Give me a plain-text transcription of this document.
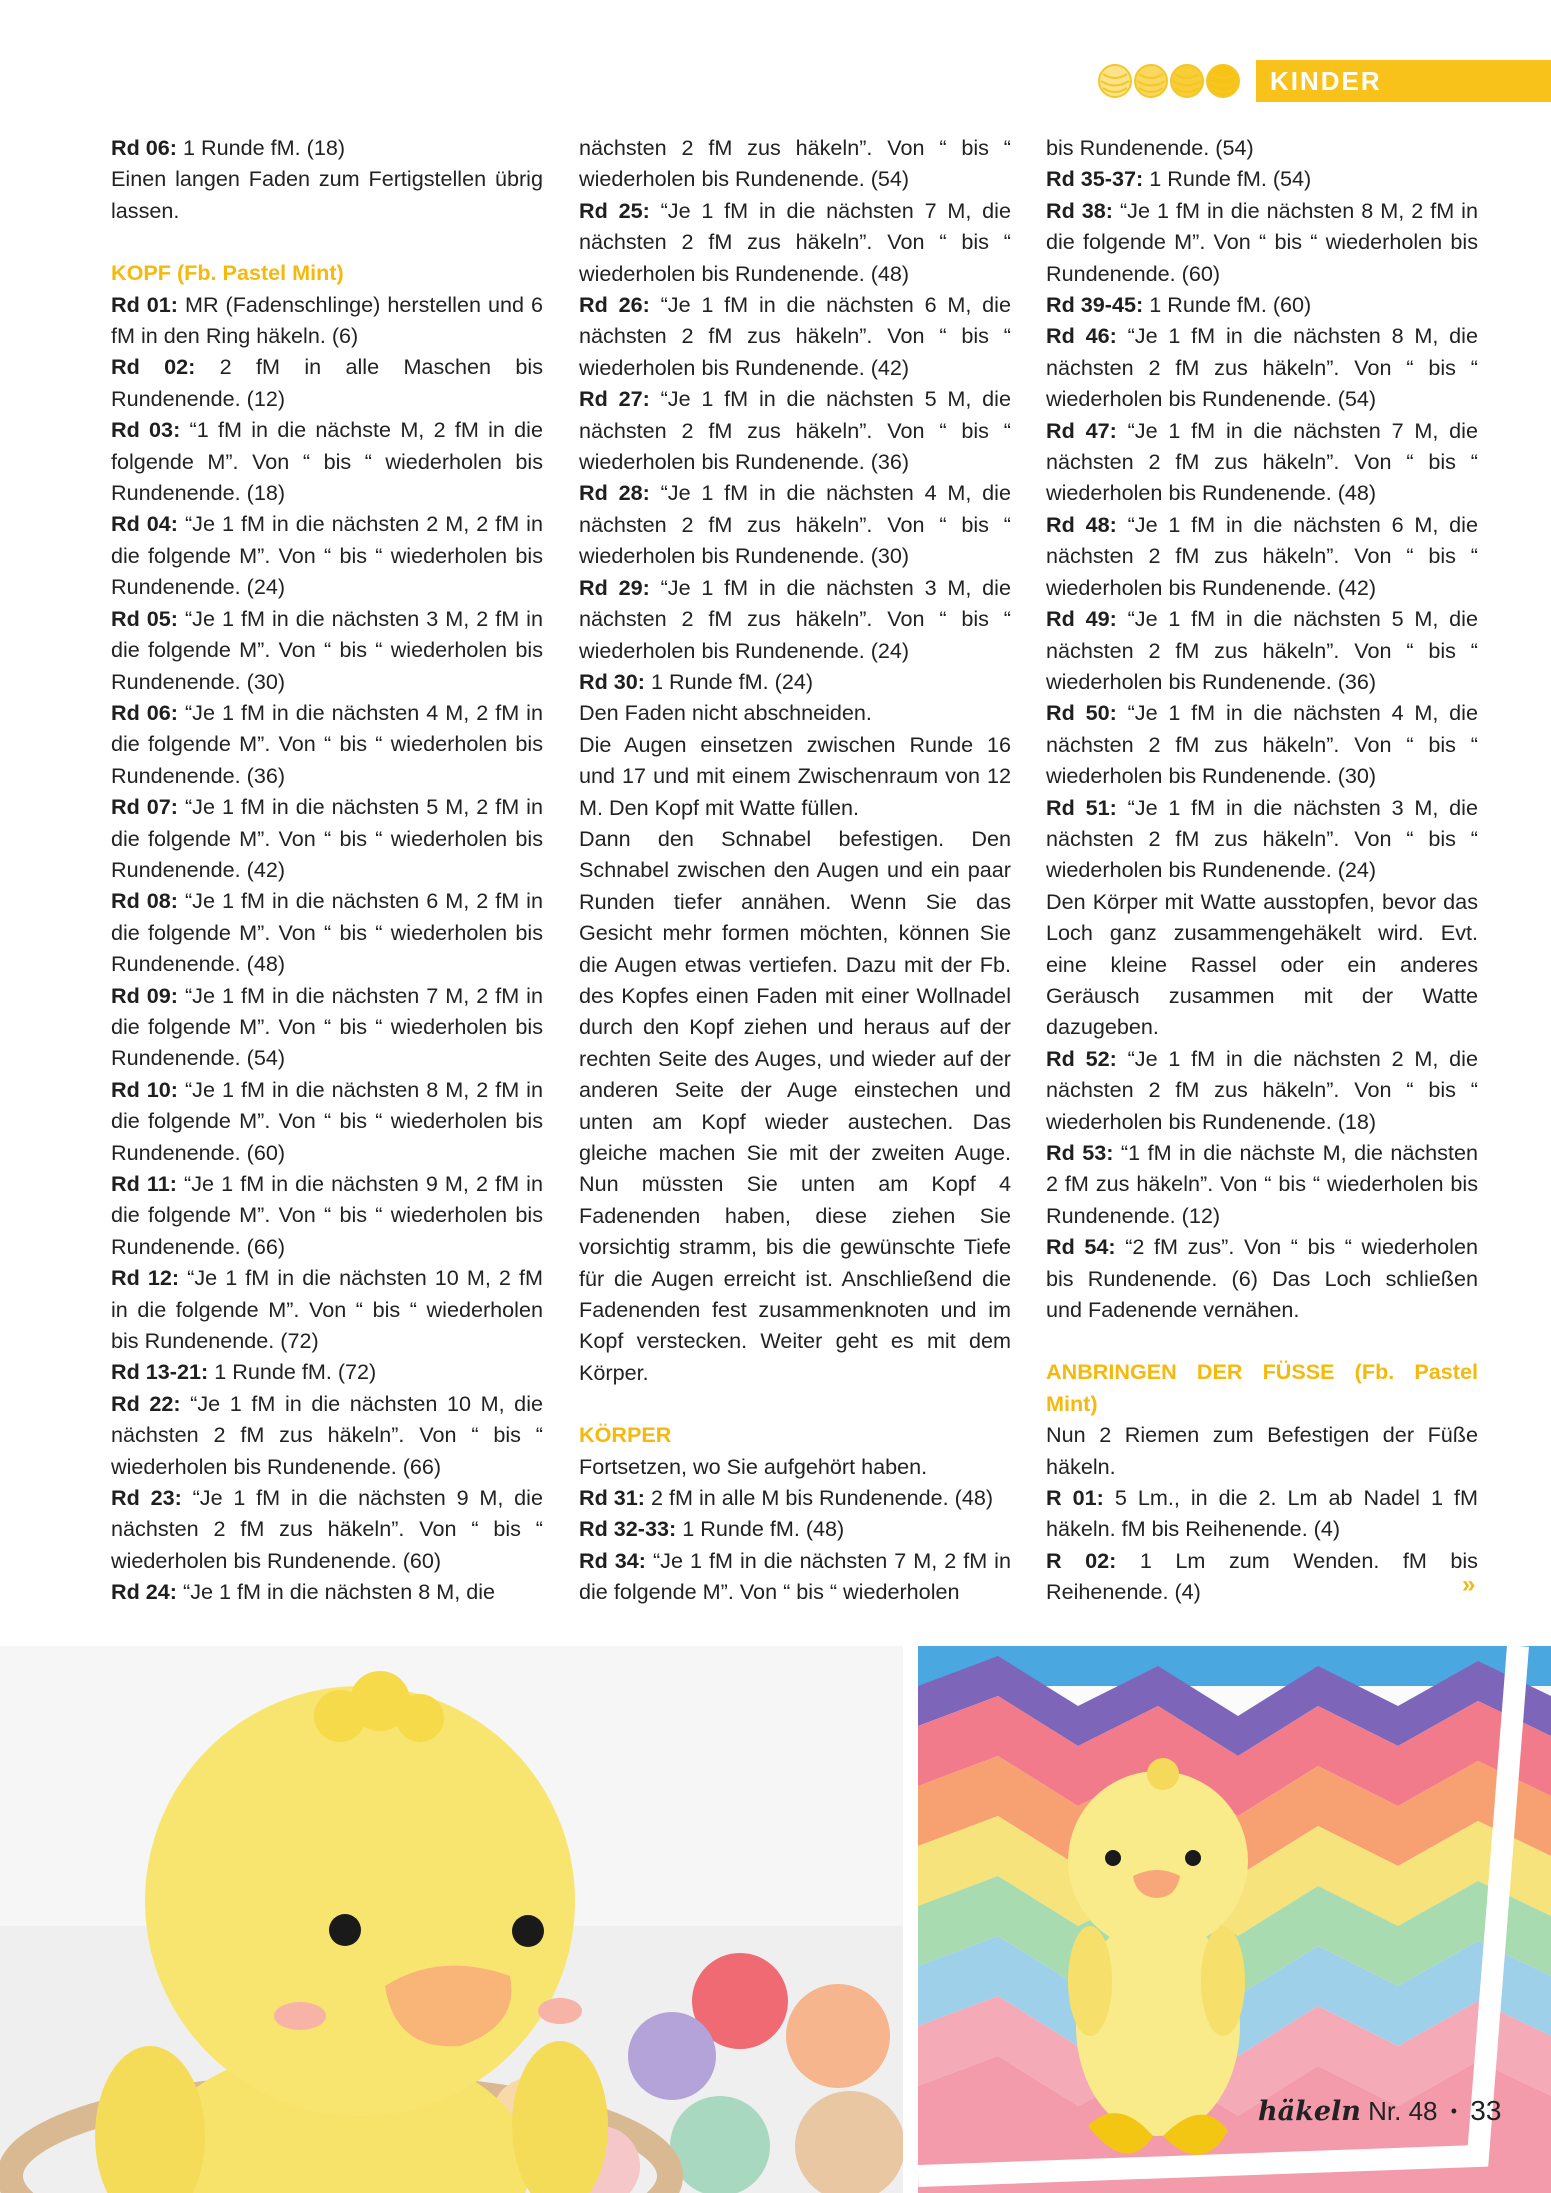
KINDER

Rd 06: 1 Runde fM. (18)

Einen langen Faden zum Fertigstellen übrig lassen.

KOPF (Fb. Pastel Mint)

Rd 01: MR (Fadenschlinge) herstellen und 6 fM in den Ring häkeln. (6)

Rd 02: 2 fM in alle Maschen bis Rundenende. (12)

Rd 03: “1 fM in die nächste M, 2 fM in die folgende M”. Von “ bis “ wiederholen bis Rundenende. (18)

Rd 04: “Je 1 fM in die nächsten 2 M, 2 fM in die folgende M”. Von “ bis “ wiederholen bis Rundenende. (24)

Rd 05: “Je 1 fM in die nächsten 3 M, 2 fM in die folgende M”. Von “ bis “ wiederholen bis Rundenende. (30)

Rd 06: “Je 1 fM in die nächsten 4 M, 2 fM in die folgende M”. Von “ bis “ wiederholen bis Rundenende. (36)

Rd 07: “Je 1 fM in die nächsten 5 M, 2 fM in die folgende M”. Von “ bis “ wiederholen bis Rundenende. (42)

Rd 08: “Je 1 fM in die nächsten 6 M, 2 fM in die folgende M”. Von “ bis “ wiederholen bis Rundenende. (48)

Rd 09: “Je 1 fM in die nächsten 7 M, 2 fM in die folgende M”. Von “ bis “ wiederholen bis Rundenende. (54)

Rd 10: “Je 1 fM in die nächsten 8 M, 2 fM in die folgende M”. Von “ bis “ wiederholen bis Rundenende. (60)

Rd 11: “Je 1 fM in die nächsten 9 M, 2 fM in die folgende M”. Von “ bis “ wiederholen bis Rundenende. (66)

Rd 12: “Je 1 fM in die nächsten 10 M, 2 fM in die folgende M”. Von “ bis “ wiederholen bis Rundenende. (72)

Rd 13-21: 1 Runde fM. (72)

Rd 22: “Je 1 fM in die nächsten 10 M, die nächsten 2 fM zus häkeln”. Von “ bis “ wiederholen bis Rundenende. (66)

Rd 23: “Je 1 fM in die nächsten 9 M, die nächsten 2 fM zus häkeln”. Von “ bis “ wiederholen bis Rundenende. (60)

Rd 24: “Je 1 fM in die nächsten 8 M, die

nächsten 2 fM zus häkeln”. Von “ bis “ wiederholen bis Rundenende. (54)

Rd 25: “Je 1 fM in die nächsten 7 M, die nächsten 2 fM zus häkeln”. Von “ bis “ wiederholen bis Rundenende. (48)

Rd 26: “Je 1 fM in die nächsten 6 M, die nächsten 2 fM zus häkeln”. Von “ bis “ wiederholen bis Rundenende. (42)

Rd 27: “Je 1 fM in die nächsten 5 M, die nächsten 2 fM zus häkeln”. Von “ bis “ wiederholen bis Rundenende. (36)

Rd 28: “Je 1 fM in die nächsten 4 M, die nächsten 2 fM zus häkeln”. Von “ bis “ wiederholen bis Rundenende. (30)

Rd 29: “Je 1 fM in die nächsten 3 M, die nächsten 2 fM zus häkeln”. Von “ bis “ wiederholen bis Rundenende. (24)

Rd 30: 1 Runde fM. (24)

Den Faden nicht abschneiden.

Die Augen einsetzen zwischen Runde 16 und 17 und mit einem Zwischenraum von 12 M. Den Kopf mit Watte füllen.

Dann den Schnabel befestigen. Den Schnabel zwischen den Augen und ein paar Runden tiefer annähen. Wenn Sie das Gesicht mehr formen möchten, können Sie die Augen etwas vertiefen. Dazu mit der Fb. des Kopfes einen Faden mit einer Wollnadel durch den Kopf ziehen und heraus auf der rechten Seite des Auges, und wieder auf der anderen Seite der Auge einstechen und unten am Kopf wieder austechen. Das gleiche machen Sie mit der zweiten Auge. Nun müssten Sie unten am Kopf 4 Fadenenden haben, diese ziehen Sie vorsichtig stramm, bis die gewünschte Tiefe für die Augen erreicht ist. Anschließend die Fadenenden fest zusammenknoten und im Kopf verstecken. Weiter geht es mit dem Körper.

KÖRPER

Fortsetzen, wo Sie aufgehört haben.

Rd 31: 2 fM in alle M bis Rundenende. (48)

Rd 32-33: 1 Runde fM. (48)

Rd 34: “Je 1 fM in die nächsten 7 M, 2 fM in die folgende M”. Von “ bis “ wiederholen

bis Rundenende. (54)

Rd 35-37: 1 Runde fM. (54)

Rd 38: “Je 1 fM in die nächsten 8 M, 2 fM in die folgende M”. Von “ bis “ wiederholen bis Rundenende. (60)

Rd 39-45: 1 Runde fM. (60)

Rd 46: “Je 1 fM in die nächsten 8 M, die nächsten 2 fM zus häkeln”. Von “ bis “ wiederholen bis Rundenende. (54)

Rd 47: “Je 1 fM in die nächsten 7 M, die nächsten 2 fM zus häkeln”. Von “ bis “ wiederholen bis Rundenende. (48)

Rd 48: “Je 1 fM in die nächsten 6 M, die nächsten 2 fM zus häkeln”. Von “ bis “ wiederholen bis Rundenende. (42)

Rd 49: “Je 1 fM in die nächsten 5 M, die nächsten 2 fM zus häkeln”. Von “ bis “ wiederholen bis Rundenende. (36)

Rd 50: “Je 1 fM in die nächsten 4 M, die nächsten 2 fM zus häkeln”. Von “ bis “ wiederholen bis Rundenende. (30)

Rd 51: “Je 1 fM in die nächsten 3 M, die nächsten 2 fM zus häkeln”. Von “ bis “ wiederholen bis Rundenende. (24)

Den Körper mit Watte ausstopfen, bevor das Loch ganz zusammengehäkelt wird. Evt. eine kleine Rassel oder ein anderes Geräusch zusammen mit der Watte dazugeben.

Rd 52: “Je 1 fM in die nächsten 2 M, die nächsten 2 fM zus häkeln”. Von “ bis “ wiederholen bis Rundenende. (18)

Rd 53: “1 fM in die nächste M, die nächsten 2 fM zus häkeln”. Von “ bis “ wiederholen bis Rundenende. (12)

Rd 54: “2 fM zus”. Von “ bis “ wiederholen bis Rundenende. (6) Das Loch schließen und Fadenende vernähen.

ANBRINGEN DER FÜSSE (Fb. Pastel Mint)

Nun 2 Riemen zum Befestigen der Füße häkeln.

R 01: 5 Lm., in die 2. Lm ab Nadel 1 fM häkeln. fM bis Reihenende. (4)

R 02: 1 Lm zum Wenden. fM bis Reihenende. (4)	»
häkeln Nr. 48 • 33
